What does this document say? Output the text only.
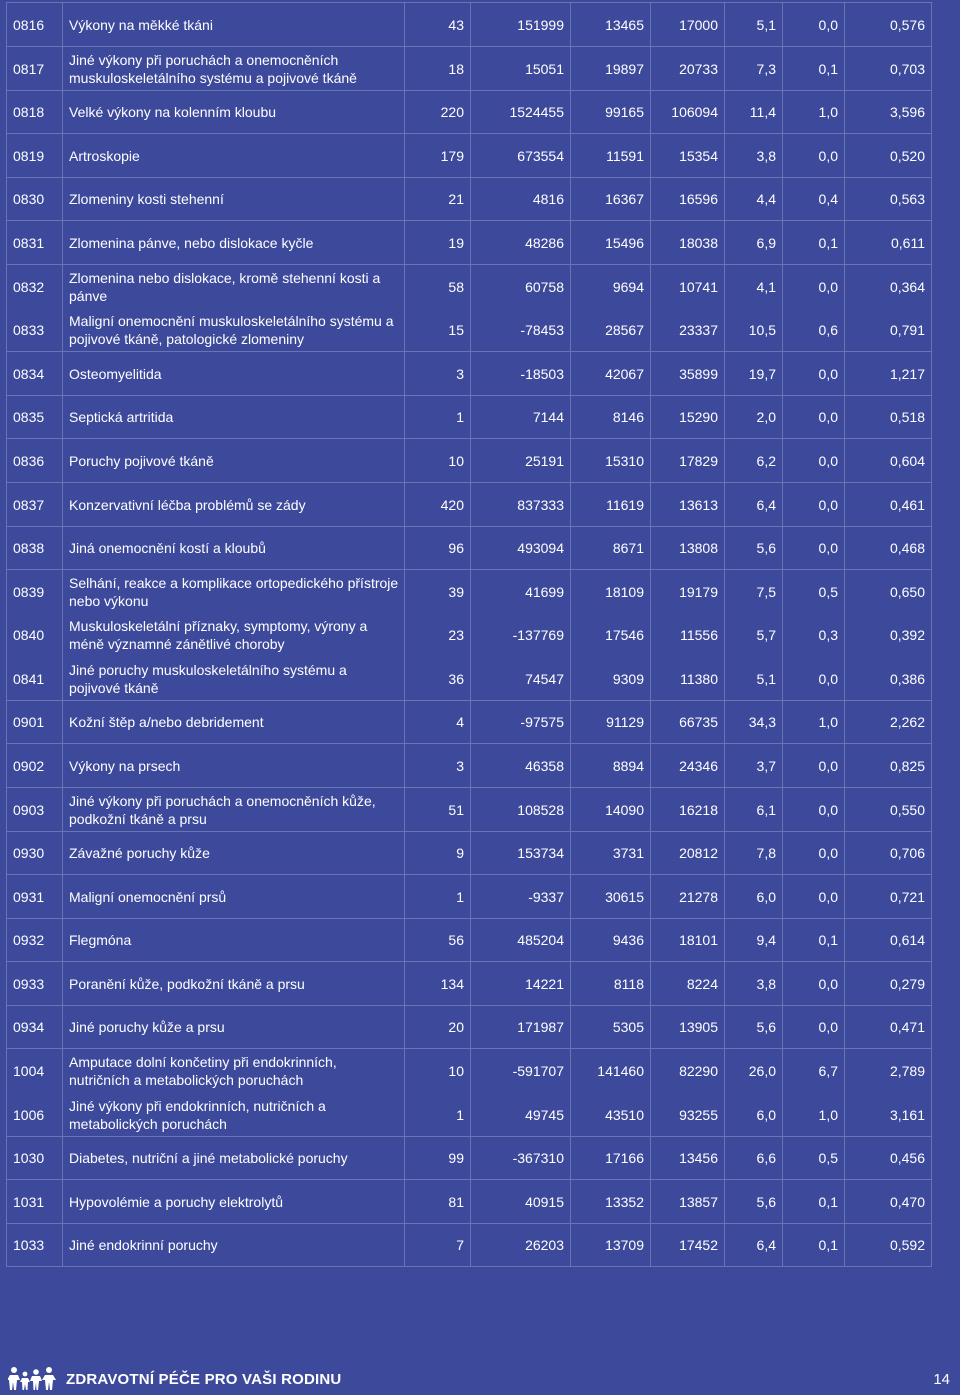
0816	Výkony na měkké tkáni	43	151999	13465	17000	5,1	0,0	0,576
0817	Jiné výkony při poruchách a onemocněních muskuloskeletálního systému a pojivové tkáně	18	15051	19897	20733	7,3	0,1	0,703
0818	Velké výkony na kolenním kloubu	220	1524455	99165	106094	11,4	1,0	3,596
0819	Artroskopie	179	673554	11591	15354	3,8	0,0	0,520
0830	Zlomeniny kosti stehenní	21	4816	16367	16596	4,4	0,4	0,563
0831	Zlomenina pánve, nebo dislokace kyčle	19	48286	15496	18038	6,9	0,1	0,611
0832	Zlomenina nebo dislokace, kromě stehenní kosti a pánve	58	60758	9694	10741	4,1	0,0	0,364
0833	Maligní onemocnění muskuloskeletálního systému a pojivové tkáně, patologické zlomeniny	15	-78453	28567	23337	10,5	0,6	0,791
0834	Osteomyelitida	3	-18503	42067	35899	19,7	0,0	1,217
0835	Septická artritida	1	7144	8146	15290	2,0	0,0	0,518
0836	Poruchy pojivové tkáně	10	25191	15310	17829	6,2	0,0	0,604
0837	Konzervativní léčba problémů se zády	420	837333	11619	13613	6,4	0,0	0,461
0838	Jiná onemocnění kostí a kloubů	96	493094	8671	13808	5,6	0,0	0,468
0839	Selhání, reakce a komplikace ortopedického přístroje nebo výkonu	39	41699	18109	19179	7,5	0,5	0,650
0840	Muskuloskeletální příznaky, symptomy, výrony a méně významné zánětlivé choroby	23	-137769	17546	11556	5,7	0,3	0,392
0841	Jiné poruchy muskuloskeletálního systému a pojivové tkáně	36	74547	9309	11380	5,1	0,0	0,386
0901	Kožní štěp a/nebo debridement	4	-97575	91129	66735	34,3	1,0	2,262
0902	Výkony na prsech	3	46358	8894	24346	3,7	0,0	0,825
0903	Jiné výkony při poruchách a onemocněních kůže, podkožní tkáně a prsu	51	108528	14090	16218	6,1	0,0	0,550
0930	Závažné poruchy kůže	9	153734	3731	20812	7,8	0,0	0,706
0931	Maligní onemocnění prsů	1	-9337	30615	21278	6,0	0,0	0,721
0932	Flegmóna	56	485204	9436	18101	9,4	0,1	0,614
0933	Poranění kůže, podkožní tkáně a prsu	134	14221	8118	8224	3,8	0,0	0,279
0934	Jiné poruchy kůže a prsu	20	171987	5305	13905	5,6	0,0	0,471
1004	Amputace dolní končetiny při endokrinních, nutričních a metabolických poruchách	10	-591707	141460	82290	26,0	6,7	2,789
1006	Jiné výkony při endokrinních, nutričních a metabolických poruchách	1	49745	43510	93255	6,0	1,0	3,161
1030	Diabetes, nutriční a jiné metabolické poruchy	99	-367310	17166	13456	6,6	0,5	0,456
1031	Hypovolémie a poruchy elektrolytů	81	40915	13352	13857	5,6	0,1	0,470
1033	Jiné endokrinní poruchy	7	26203	13709	17452	6,4	0,1	0,592
ZDRAVOTNÍ PÉČE PRO VAŠI RODINU	14
